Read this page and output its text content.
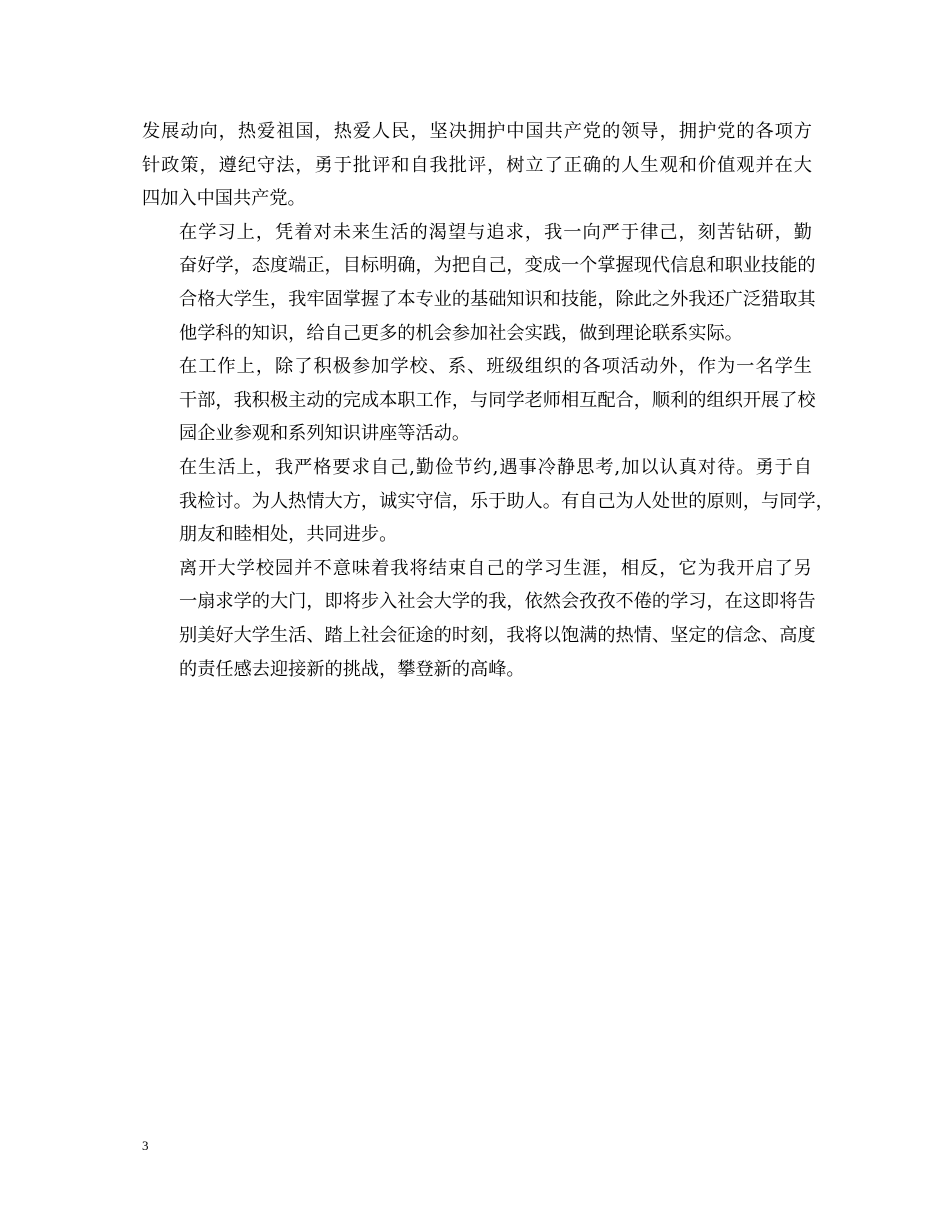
发展动向，热爱祖国，热爱人民，坚决拥护中国共产党的领导，拥护党的各项方
针政策，遵纪守法，勇于批评和自我批评，树立了正确的人生观和价值观并在大
四加入中国共产党。

在学习上，凭着对未来生活的渴望与追求，我一向严于律己，刻苦钻研，勤
奋好学，态度端正，目标明确，为把自己，变成一个掌握现代信息和职业技能的
合格大学生，我牢固掌握了本专业的基础知识和技能，除此之外我还广泛猎取其
他学科的知识，给自己更多的机会参加社会实践，做到理论联系实际。

在工作上，除了积极参加学校、系、班级组织的各项活动外，作为一名学生
干部，我积极主动的完成本职工作，与同学老师相互配合，顺利的组织开展了校
园企业参观和系列知识讲座等活动。

在生活上，我严格要求自己,勤俭节约,遇事冷静思考,加以认真对待。勇于自
我检讨。为人热情大方，诚实守信，乐于助人。有自己为人处世的原则，与同学，
朋友和睦相处，共同进步。

离开大学校园并不意味着我将结束自己的学习生涯，相反，它为我开启了另
一扇求学的大门，即将步入社会大学的我，依然会孜孜不倦的学习，在这即将告
别美好大学生活、踏上社会征途的时刻，我将以饱满的热情、坚定的信念、高度
的责任感去迎接新的挑战，攀登新的高峰。

3
